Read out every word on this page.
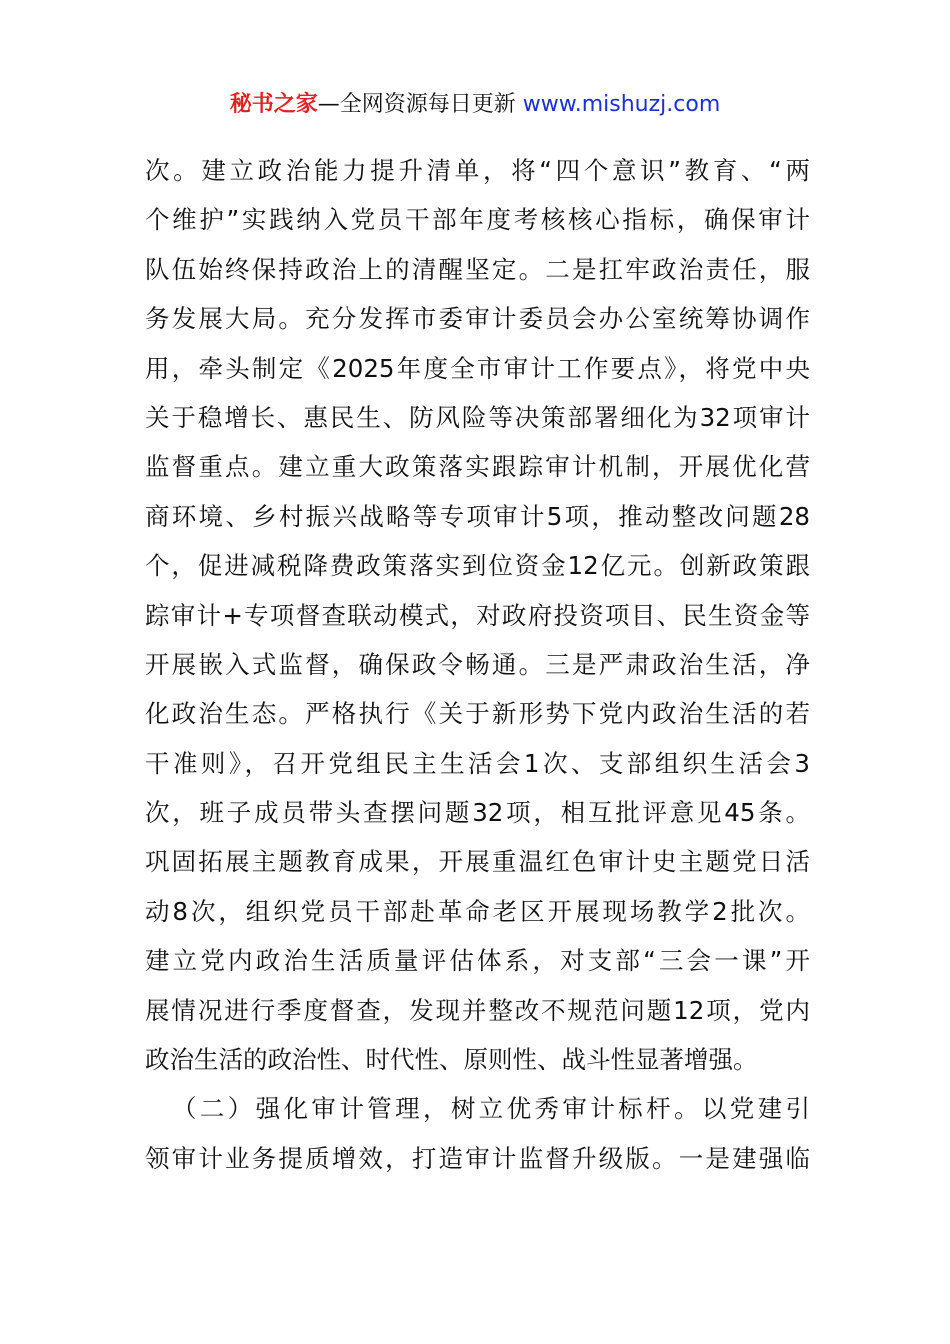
秘书之家—全网资源每日更新 www.mishuzj.com
次。建立政治能力提升清单，将“四个意识”教育、“两
个维护”实践纳入党员干部年度考核核心指标，确保审计
队伍始终保持政治上的清醒坚定。二是扛牢政治责任，服
务发展大局。充分发挥市委审计委员会办公室统筹协调作
用，牵头制定《2025年度全市审计工作要点》，将党中央
关于稳增长、惠民生、防风险等决策部署细化为32项审计
监督重点。建立重大政策落实跟踪审计机制，开展优化营
商环境、乡村振兴战略等专项审计5项，推动整改问题28
个，促进减税降费政策落实到位资金12亿元。创新政策跟
踪审计+专项督查联动模式，对政府投资项目、民生资金等
开展嵌入式监督，确保政令畅通。三是严肃政治生活，净
化政治生态。严格执行《关于新形势下党内政治生活的若
干准则》，召开党组民主生活会1次、支部组织生活会3
次，班子成员带头查摆问题32项，相互批评意见45条。
巩固拓展主题教育成果，开展重温红色审计史主题党日活
动8次，组织党员干部赴革命老区开展现场教学2批次。
建立党内政治生活质量评估体系，对支部“三会一课”开
展情况进行季度督查，发现并整改不规范问题12项，党内
政治生活的政治性、时代性、原则性、战斗性显著增强。
（二）强化审计管理，树立优秀审计标杆。以党建引
领审计业务提质增效，打造审计监督升级版。一是建强临
